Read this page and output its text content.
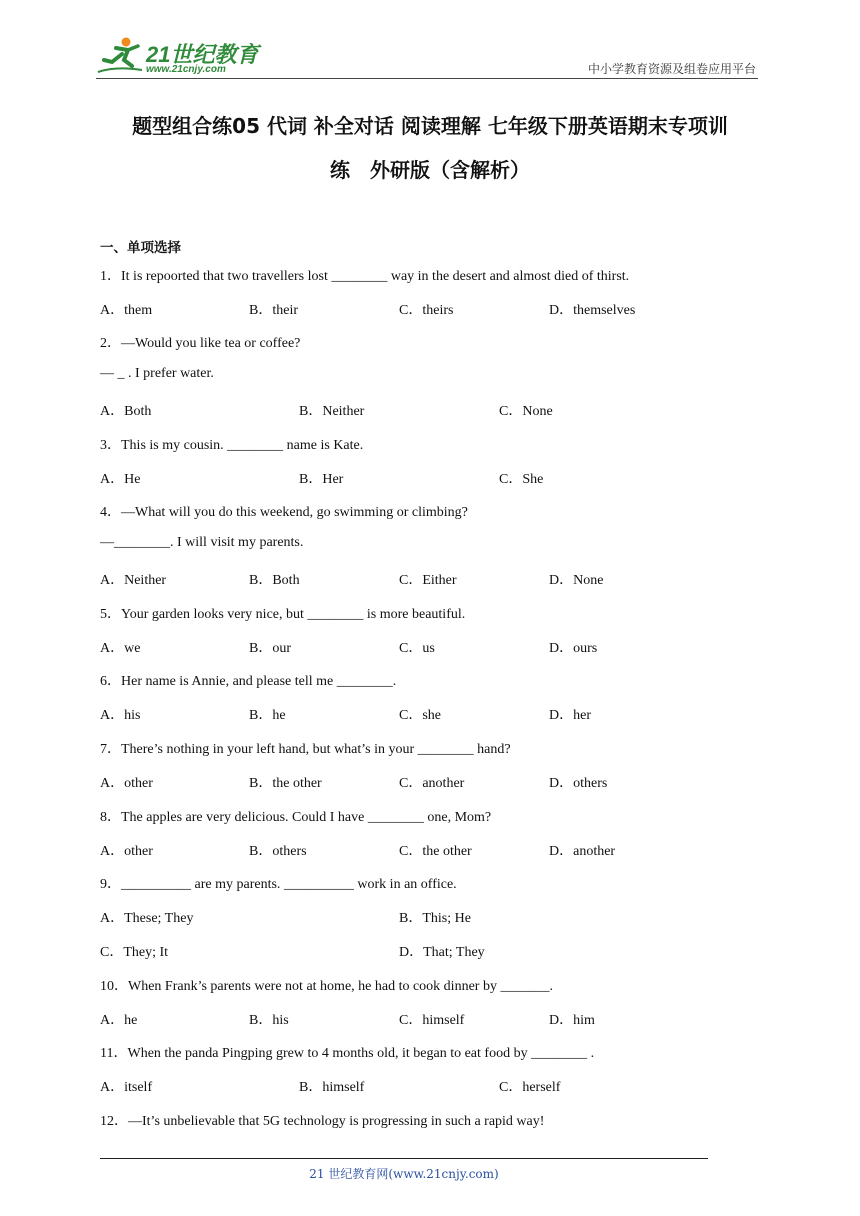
21世纪教育
www.21cnjy.com	中小学教育资源及组卷应用平台
题型组合练05 代词 补全对话 阅读理解 七年级下册英语期末专项训
练　外研版（含解析）
一、单项选择
1．It is repoorted that two travellers lost ________ way in the desert and almost died of thirst.
A．them	B．their	C．theirs	D．themselves
2．—Would you like tea or coffee?
— _ . I prefer water.
A．Both	B．Neither	C．None
3．This is my cousin. ________ name is Kate.
A．He	B．Her	C．She
4．—What will you do this weekend, go swimming or climbing?
—________. I will visit my parents.
A．Neither	B．Both	C．Either	D．None
5．Your garden looks very nice, but ________ is more beautiful.
A．we	B．our	C．us	D．ours
6．Her name is Annie, and please tell me ________.
A．his	B．he	C．she	D．her
7．There’s nothing in your left hand, but what’s in your ________ hand?
A．other	B．the other	C．another	D．others
8．The apples are very delicious. Could I have ________ one, Mom?
A．other	B．others	C．the other	D．another
9．__________ are my parents. __________ work in an office.
A．These; They	B．This; He
C．They; It	D．That; They
10．When Frank’s parents were not at home, he had to cook dinner by _______.
A．he	B．his	C．himself	D．him
11．When the panda Pingping grew to 4 months old, it began to eat food by ________ .
A．itself	B．himself	C．herself
12．—It’s unbelievable that 5G technology is progressing in such a rapid way!
21 世纪教育网(www.21cnjy.com)
